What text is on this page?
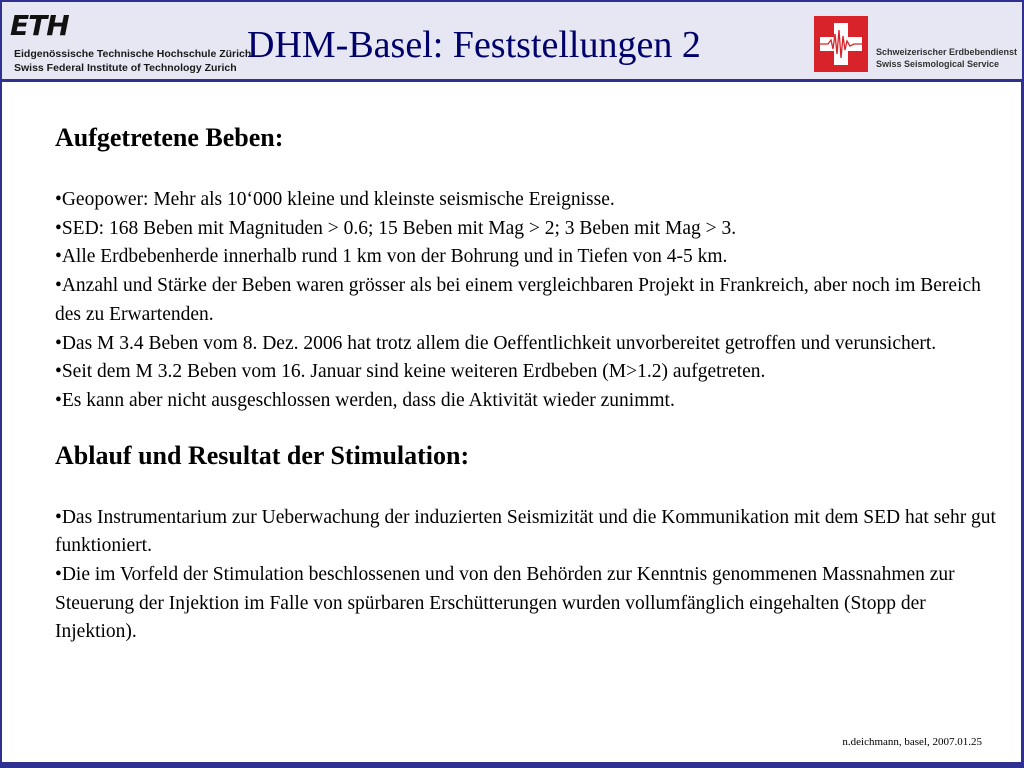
ETH
Eidgenössische Technische Hochschule Zürich
Swiss Federal Institute of Technology Zurich
DHM-Basel: Feststellungen 2	Schweizerischer Erdbebendienst
Swiss Seismological Service
Aufgetretene Beben:
•Geopower: Mehr als 10‘000 kleine und kleinste seismische Ereignisse.
•SED: 168 Beben mit Magnituden > 0.6; 15 Beben mit Mag > 2; 3 Beben mit Mag > 3.
•Alle Erdbebenherde innerhalb rund 1 km von der Bohrung und in Tiefen von 4-5 km.
•Anzahl und Stärke der Beben waren grösser als bei einem vergleichbaren Projekt in Frankreich, aber noch im Bereich des zu Erwartenden.
•Das M 3.4 Beben vom 8. Dez. 2006 hat trotz allem die Oeffentlichkeit unvorbereitet getroffen und verunsichert.
•Seit dem M 3.2 Beben vom 16. Januar sind keine weiteren Erdbeben (M>1.2) aufgetreten.
•Es kann aber nicht ausgeschlossen werden, dass die Aktivität wieder zunimmt.
Ablauf und Resultat der Stimulation:
•Das Instrumentarium zur Ueberwachung der induzierten Seismizität und die Kommunikation mit dem SED hat sehr gut funktioniert.
•Die im Vorfeld der Stimulation beschlossenen und von den Behörden zur Kenntnis genommenen Massnahmen zur Steuerung der Injektion im Falle von spürbaren Erschütterungen wurden vollumfänglich eingehalten (Stopp der Injektion).
n.deichmann, basel, 2007.01.25
